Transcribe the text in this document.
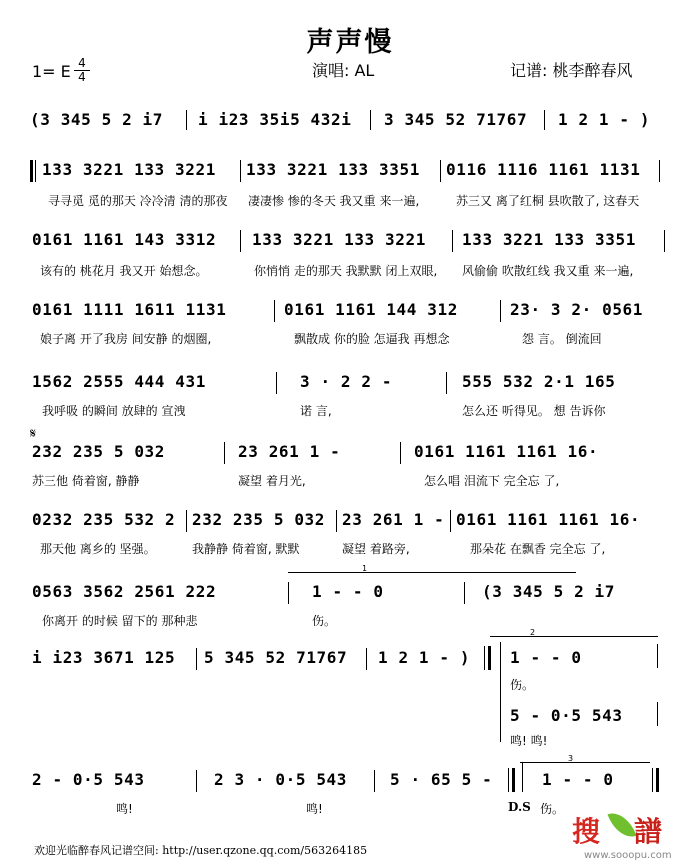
声声慢
1= E 4
4	演唱: AL	记谱: 桃李醉春风
(3 345 5 2 i7 i i23 35i5 432i 3 345 52 71767 1 2 1 - )
133 3221 133 3221 133 3221 133 3351 0116 1116 1161 1131
寻寻觅 觅的那天 冷冷清 清的那夜 凄凄惨 惨的冬天 我又重 来一遍,	苏三又 离了红桐 县吹散了, 这春天
0161 1161 143 3312 133 3221 133 3221 133 3221 133 3351
该有的 桃花月 我又开 始想念。	你悄悄 走的那天 我默默 闭上双眼, 风偷偷 吹散红线 我又重 来一遍,
0161 1111 1611 1131	0161 1161 144 312	23· 3 2· 0561
娘子离 开了我房 间安静 的烟圈,	飘散成 你的脸 怎逼我 再想念	怨 言。 倒流回
1562 2555 444 431	3 · 2 2 -	555 532 2·1 165
我呼吸 的瞬间 放肆的 宣洩	诺 言,	怎么还 听得见。 想 告诉你
𝄋
232 235 5 032	23 261 1 -	0161 1161 1161 16·
苏三他 倚着窗, 静静	凝望 着月光,	怎么唱 泪流下 完全忘 了,
0232 235 532 2 232 235 5 032 23 261 1 - 0161 1161 1161 16·
那天他 离乡的 坚强。	我静静 倚着窗, 默默	凝望 着路旁,	那朵花 在飘香 完全忘 了,
0563 3562 2561 222
1
1 - - 0	(3 345 5 2 i7
你离开 的时候 留下的 那种悲	伤。
i i23 3671 125 5 345 52 71767 1 2 1 - )
2
1 - - 0
伤。
5 - 0·5 543
鸣! 鸣!
2 - 0·5 543	2 3 · 0·5 543	5 · 65 5 -
3
1 - - 0
鸣!	鸣!	D.S 伤。
欢迎光临醉春风记谱空间: http://user.qzone.qq.com/563264185
搜 譜
www.sooopu.com
